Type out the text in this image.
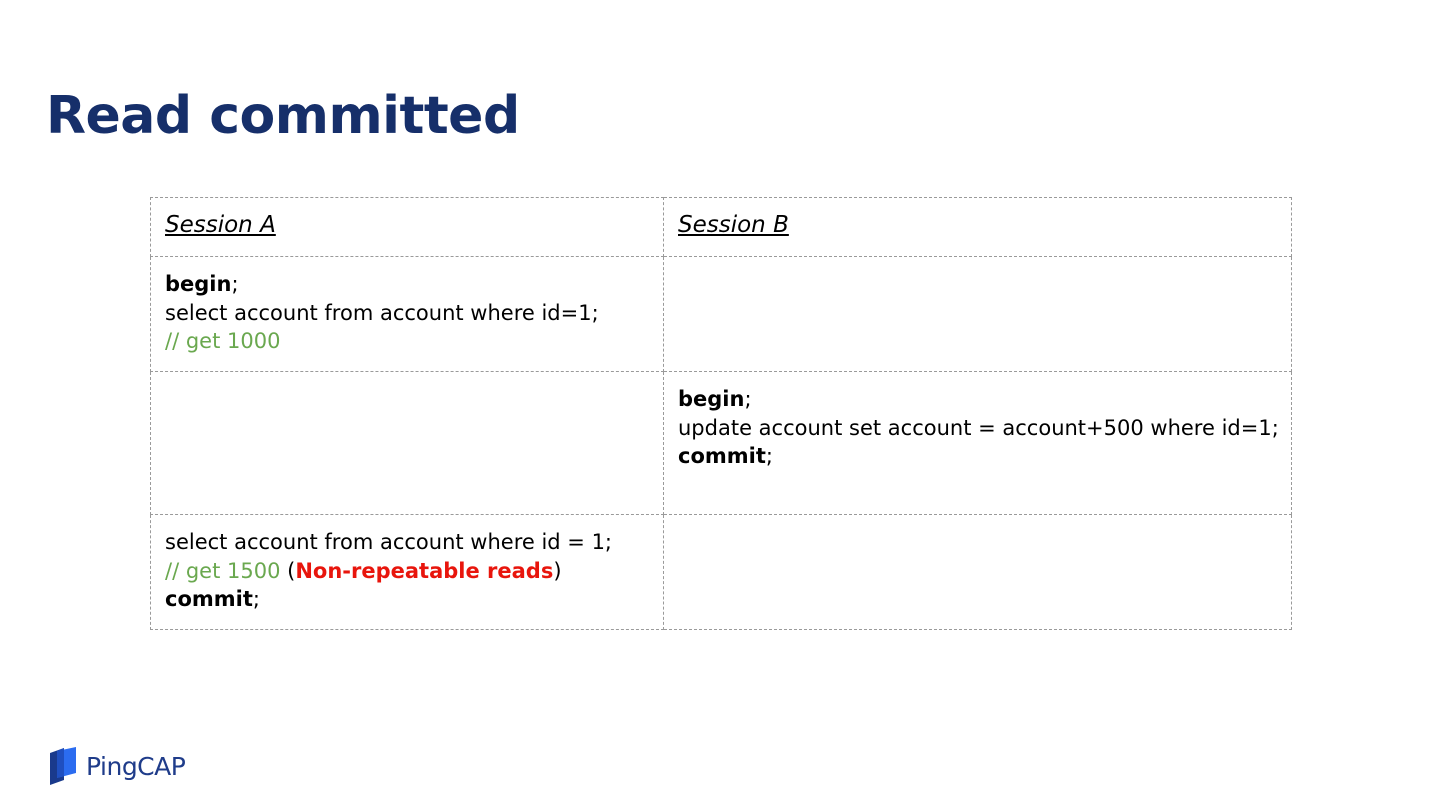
Read committed
Session A	Session B

begin;
select account from account where id=1;
// get 1000	

	begin;
update account set account = account+500 where id=1;
commit;

select account from account where id = 1;
// get 1500 (Non-repeatable reads)
commit;	

PingCAP
